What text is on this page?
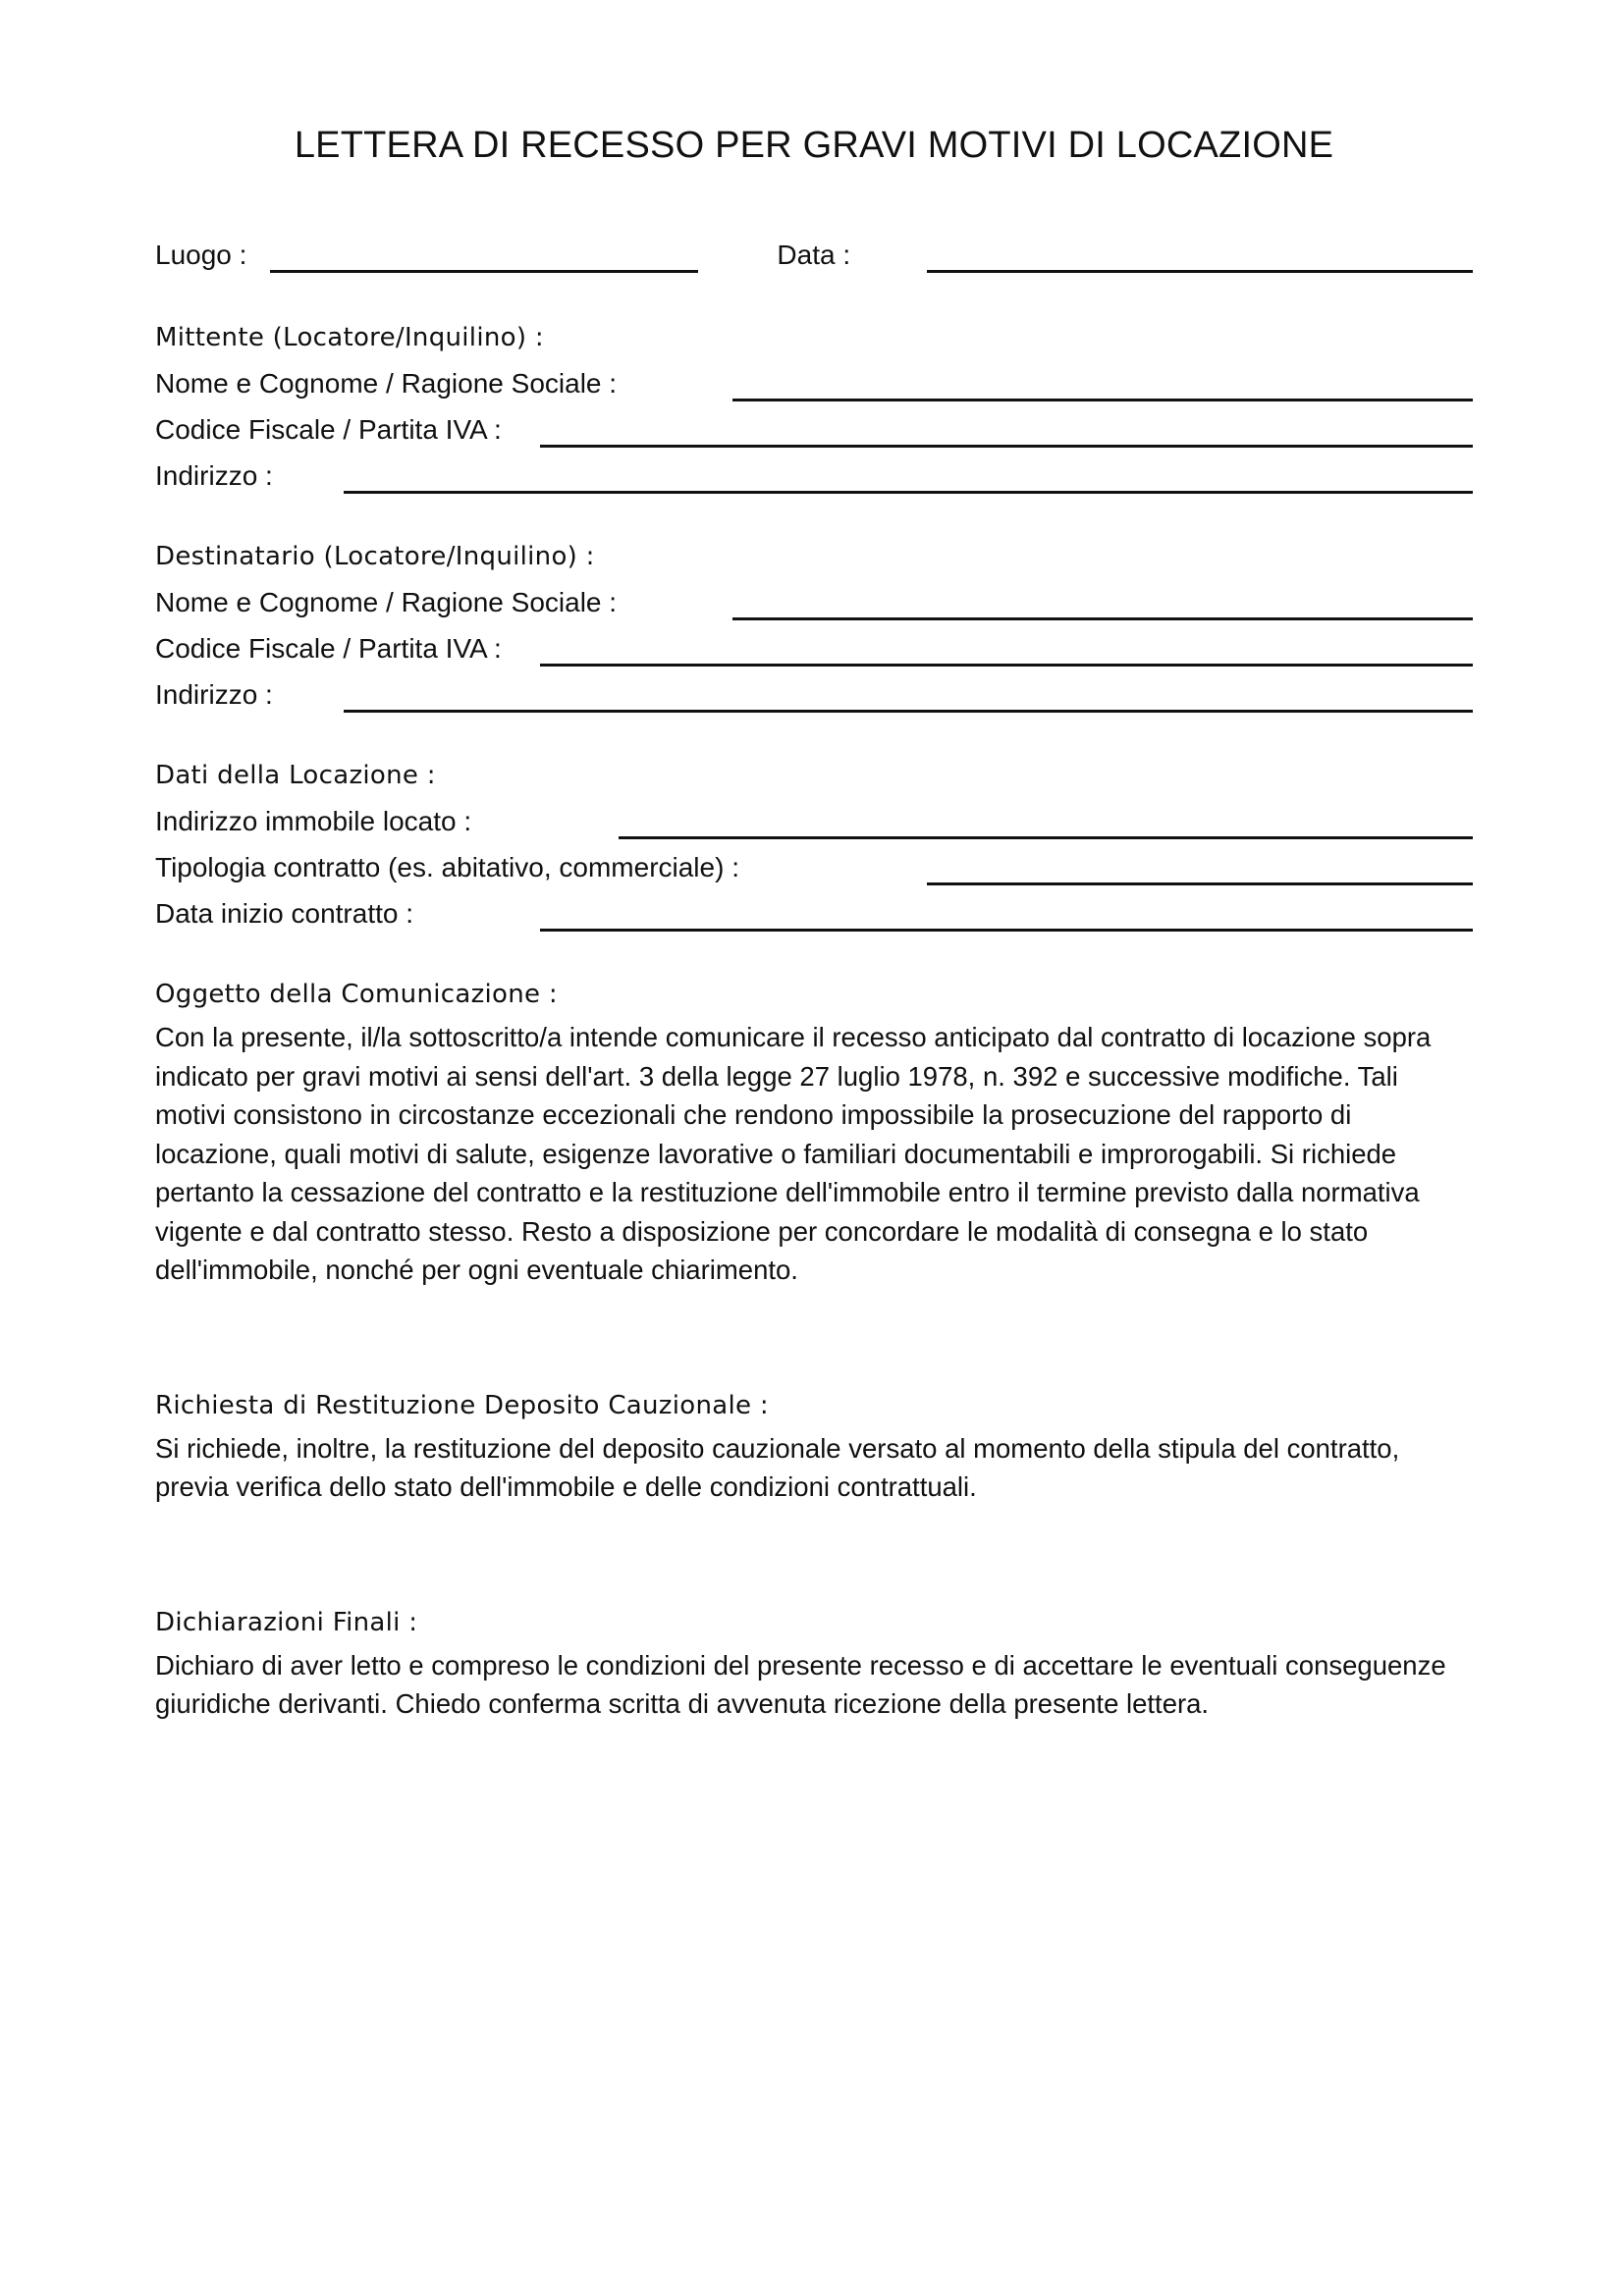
LETTERA DI RECESSO PER GRAVI MOTIVI DI LOCAZIONE
Luogo :	Data :
Mittente (Locatore/Inquilino) :
Nome e Cognome / Ragione Sociale :
Codice Fiscale / Partita IVA :
Indirizzo :
Destinatario (Locatore/Inquilino) :
Nome e Cognome / Ragione Sociale :
Codice Fiscale / Partita IVA :
Indirizzo :
Dati della Locazione :
Indirizzo immobile locato :
Tipologia contratto (es. abitativo, commerciale) :
Data inizio contratto :
Oggetto della Comunicazione :

Con la presente, il/la sottoscritto/a intende comunicare il recesso anticipato dal contratto di locazione sopra indicato per gravi motivi ai sensi dell'art. 3 della legge 27 luglio 1978, n. 392 e successive modifiche. Tali motivi consistono in circostanze eccezionali che rendono impossibile la prosecuzione del rapporto di locazione, quali motivi di salute, esigenze lavorative o familiari documentabili e improrogabili. Si richiede pertanto la cessazione del contratto e la restituzione dell'immobile entro il termine previsto dalla normativa vigente e dal contratto stesso. Resto a disposizione per concordare le modalità di consegna e lo stato dell'immobile, nonché per ogni eventuale chiarimento.

Richiesta di Restituzione Deposito Cauzionale :

Si richiede, inoltre, la restituzione del deposito cauzionale versato al momento della stipula del contratto, previa verifica dello stato dell'immobile e delle condizioni contrattuali.

Dichiarazioni Finali :

Dichiaro di aver letto e compreso le condizioni del presente recesso e di accettare le eventuali conseguenze giuridiche derivanti. Chiedo conferma scritta di avvenuta ricezione della presente lettera.
